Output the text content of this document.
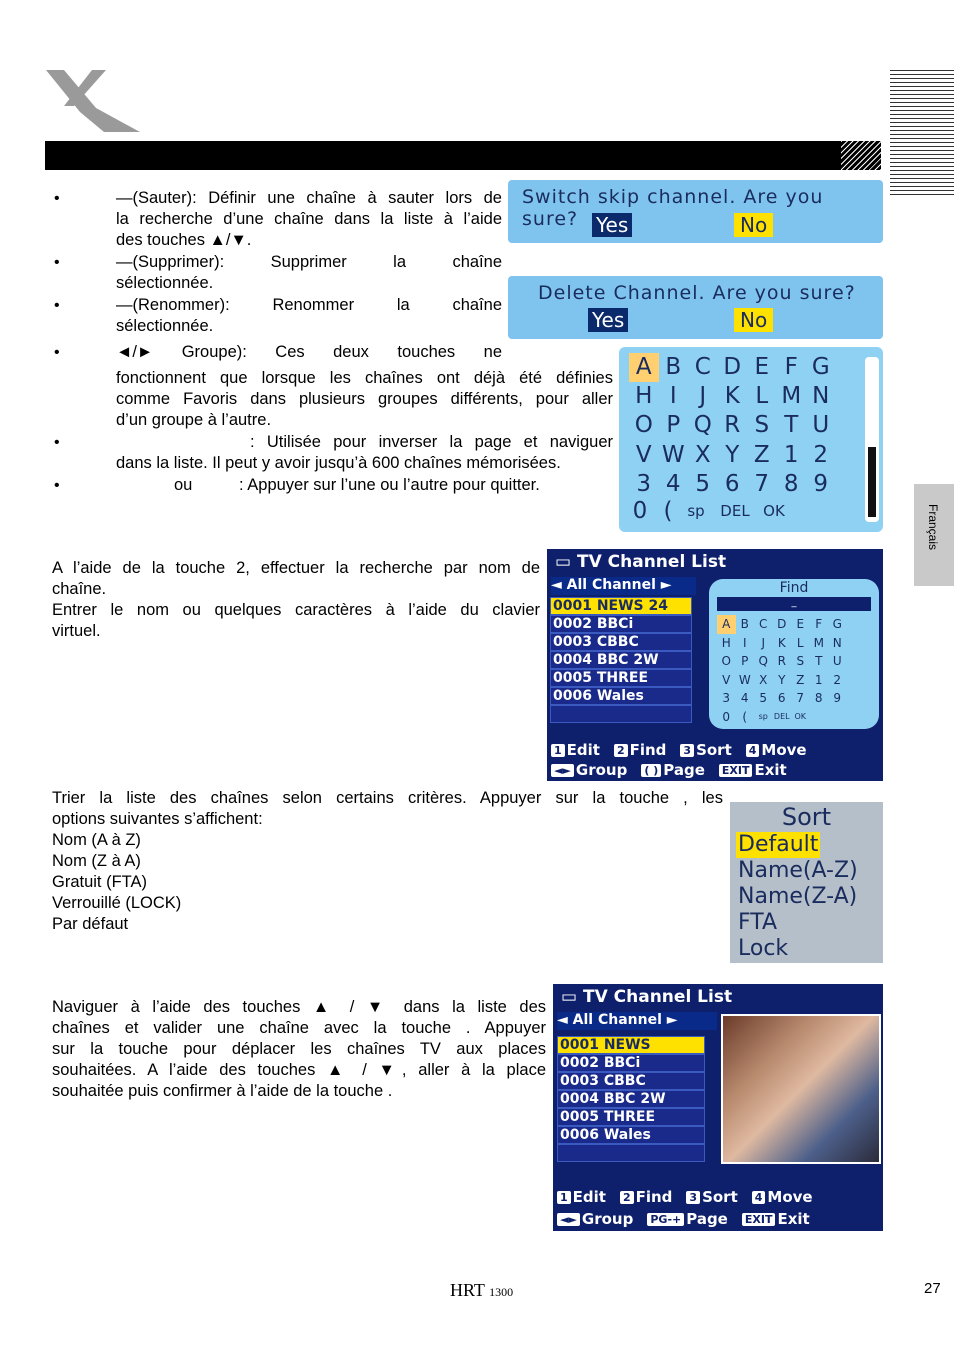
Français
•	—(Sauter): Définir une chaîne à sauter lors de
la recherche d’une chaîne dans la liste à l’aide
des touches ▲/▼.
•	—(Supprimer): Supprimer la chaîne
sélectionnée.
•	—(Renommer): Renommer la chaîne
sélectionnée.
•	◄/► Groupe): Ces deux touches ne
fonctionnent que lorsque les chaînes ont déjà été définies
comme Favoris dans plusieurs groupes différents, pour aller
d’un groupe à l’autre.
•	: Utilisée pour inverser la page et naviguer
dans la liste. Il peut y avoir jusqu’à 600 chaînes mémorisées.
•	ou	: Appuyer sur l’une ou l’autre pour quitter.
Switch skip channel. Are you sure? Yes	No
Delete Channel. Are you sure?
Yes	No
A B C D E F G
H I J K L M N
O P Q R S T U
V W X Y Z 1 2
3 4 5 6 7 8 9
0 ( sp	DEL OK
A l’aide de la touche 2, effectuer la recherche par nom de
chaîne.
Entrer le nom ou quelques caractères à l’aide du clavier
virtuel.
▭ TV Channel List
◄ All Channel ►
0001 NEWS 24
0002 BBCi
0003 CBBC
0004 BBC 2W
0005 THREE
0006 Wales
Find
_
A B C D E F G
H	I	J	K L M N
O P Q R S T U
V W X Y Z 1 2
3 4 5 6 7 8 9
0	(	sp DEL OK
1 Edit 2 Find 3 Sort 4 Move
◄► Group ( ) Page EXIT Exit
Trier la liste des chaînes selon certains critères. Appuyer sur la touche , les
options suivantes s’affichent:
Nom (A à Z)
Nom (Z à A)
Gratuit (FTA)
Verrouillé (LOCK)
Par défaut
Sort
Default
Name(A-Z)
Name(Z-A)
FTA
Lock
Naviguer à l’aide des touches ▲ / ▼ dans la liste des
chaînes et valider une chaîne avec la touche . Appuyer
sur la touche pour déplacer les chaînes TV aux places
souhaitées. A l’aide des touches ▲ / ▼, aller à la place
souhaitée puis confirmer à l’aide de la touche .
▭ TV Channel List
◄ All Channel ►
0001 NEWS
0002 BBCi
0003 CBBC
0004 BBC 2W
0005 THREE
0006 Wales
1 Edit 2 Find 3 Sort 4 Move
◄► Group PG-+ Page EXIT Exit
HRT 1300	27
